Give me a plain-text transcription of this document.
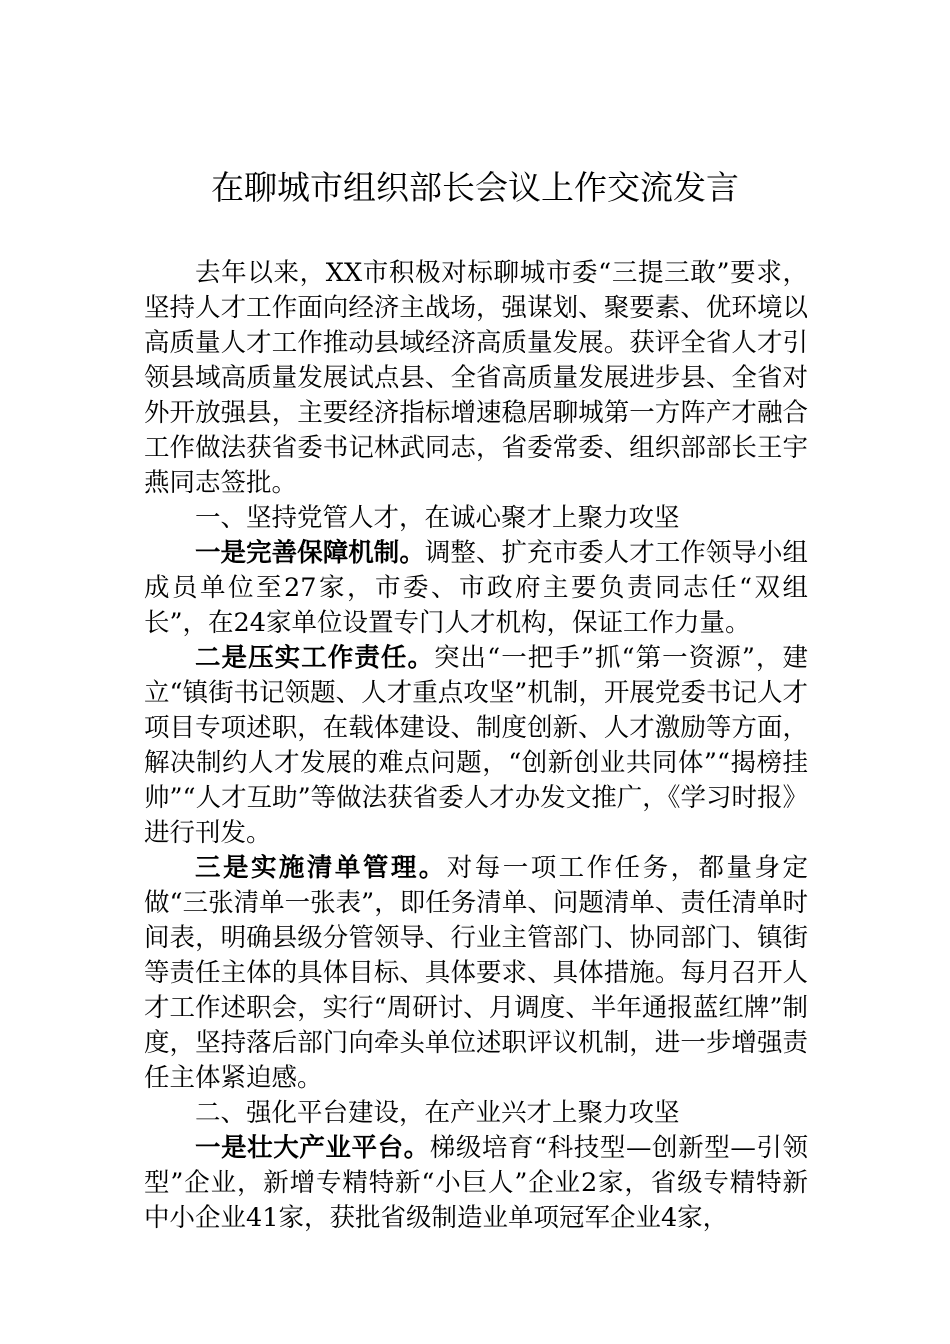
在聊城市组织部长会议上作交流发言

去年以来，XX市积极对标聊城市委“三提三敢”要求，坚持人才工作面向经济主战场，强谋划、聚要素、优环境以高质量人才工作推动县域经济高质量发展。获评全省人才引领县域高质量发展试点县、全省高质量发展进步县、全省对外开放强县，主要经济指标增速稳居聊城第一方阵产才融合工作做法获省委书记林武同志，省委常委、组织部部长王宇燕同志签批。

一、坚持党管人才，在诚心聚才上聚力攻坚

一是完善保障机制。调整、扩充市委人才工作领导小组成员单位至27家，市委、市政府主要负责同志任“双组长”，在24家单位设置专门人才机构，保证工作力量。

二是压实工作责任。突出“一把手”抓“第一资源”，建立“镇街书记领题、人才重点攻坚”机制，开展党委书记人才项目专项述职，在载体建设、制度创新、人才激励等方面，解决制约人才发展的难点问题，“创新创业共同体”“揭榜挂帅”“人才互助”等做法获省委人才办发文推广，《学习时报》进行刊发。

三是实施清单管理。对每一项工作任务，都量身定做“三张清单一张表”，即任务清单、问题清单、责任清单时间表，明确县级分管领导、行业主管部门、协同部门、镇街等责任主体的具体目标、具体要求、具体措施。每月召开人才工作述职会，实行“周研讨、月调度、半年通报蓝红牌”制度，坚持落后部门向牵头单位述职评议机制，进一步增强责任主体紧迫感。

二、强化平台建设，在产业兴才上聚力攻坚

一是壮大产业平台。梯级培育“科技型—创新型—引领型”企业，新增专精特新“小巨人”企业2家，省级专精特新中小企业41家，获批省级制造业单项冠军企业4家，
